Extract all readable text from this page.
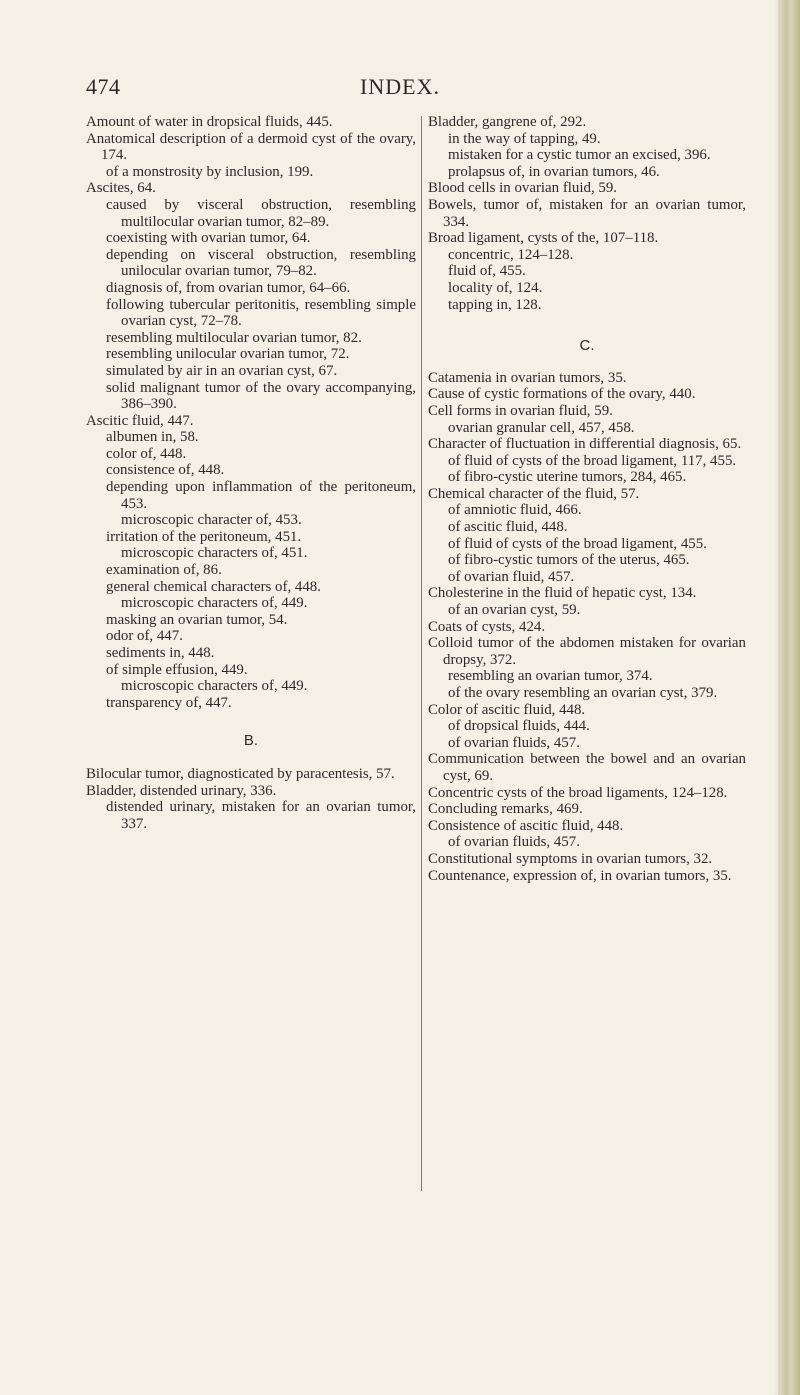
474	INDEX.

Amount of water in dropsical fluids, 445.

Anatomical description of a dermoid cyst of the ovary, 174.

of a monstrosity by inclusion, 199.

Ascites, 64.

caused by visceral obstruction, resembling multilocular ovarian tumor, 82–89.

coexisting with ovarian tumor, 64.

depending on visceral obstruction, resembling unilocular ovarian tumor, 79–82.

diagnosis of, from ovarian tumor, 64–66.

following tubercular peritonitis, resembling simple ovarian cyst, 72–78.

resembling multilocular ovarian tumor, 82.

resembling unilocular ovarian tumor, 72.

simulated by air in an ovarian cyst, 67.

solid malignant tumor of the ovary accompanying, 386–390.

Ascitic fluid, 447.

albumen in, 58.

color of, 448.

consistence of, 448.

depending upon inflammation of the peritoneum, 453.

microscopic character of, 453.

irritation of the peritoneum, 451.

microscopic characters of, 451.

examination of, 86.

general chemical characters of, 448.

microscopic characters of, 449.

masking an ovarian tumor, 54.

odor of, 447.

sediments in, 448.

of simple effusion, 449.

microscopic characters of, 449.

transparency of, 447.

B.

Bilocular tumor, diagnosticated by paracentesis, 57.

Bladder, distended urinary, 336.

distended urinary, mistaken for an ovarian tumor, 337.

Bladder, gangrene of, 292.

in the way of tapping, 49.

mistaken for a cystic tumor an excised, 396.

prolapsus of, in ovarian tumors, 46.

Blood cells in ovarian fluid, 59.

Bowels, tumor of, mistaken for an ovarian tumor, 334.

Broad ligament, cysts of the, 107–118.

concentric, 124–128.

fluid of, 455.

locality of, 124.

tapping in, 128.

C.

Catamenia in ovarian tumors, 35.

Cause of cystic formations of the ovary, 440.

Cell forms in ovarian fluid, 59.

ovarian granular cell, 457, 458.

Character of fluctuation in differential diagnosis, 65.

of fluid of cysts of the broad ligament, 117, 455.

of fibro-cystic uterine tumors, 284, 465.

Chemical character of the fluid, 57.

of amniotic fluid, 466.

of ascitic fluid, 448.

of fluid of cysts of the broad ligament, 455.

of fibro-cystic tumors of the uterus, 465.

of ovarian fluid, 457.

Cholesterine in the fluid of hepatic cyst, 134.

of an ovarian cyst, 59.

Coats of cysts, 424.

Colloid tumor of the abdomen mistaken for ovarian dropsy, 372.

resembling an ovarian tumor, 374.

of the ovary resembling an ovarian cyst, 379.

Color of ascitic fluid, 448.

of dropsical fluids, 444.

of ovarian fluids, 457.

Communication between the bowel and an ovarian cyst, 69.

Concentric cysts of the broad ligaments, 124–128.

Concluding remarks, 469.

Consistence of ascitic fluid, 448.

of ovarian fluids, 457.

Constitutional symptoms in ovarian tumors, 32.

Countenance, expression of, in ovarian tumors, 35.
